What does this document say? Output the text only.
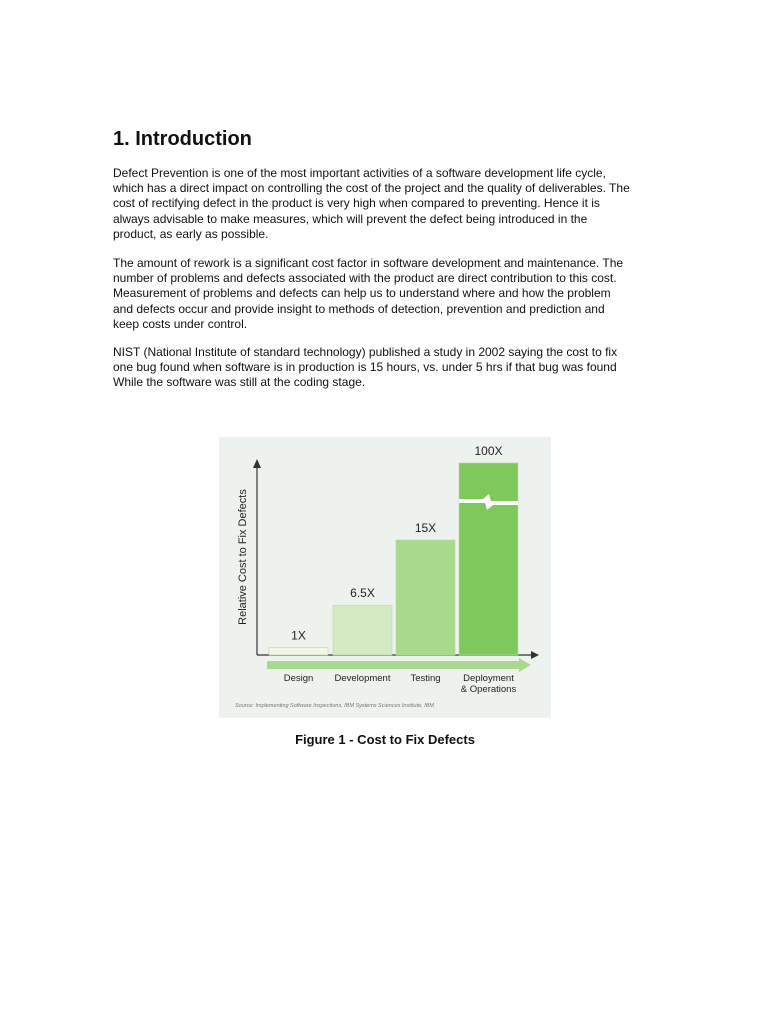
1. Introduction

Defect Prevention is one of the most important activities of a software development life cycle,
which has a direct impact on controlling the cost of the project and the quality of deliverables. The
cost of rectifying defect in the product is very high when compared to preventing. Hence it is
always advisable to make measures, which will prevent the defect being introduced in the
product, as early as possible.

The amount of rework is a significant cost factor in software development and maintenance. The
number of problems and defects associated with the product are direct contribution to this cost.
Measurement of problems and defects can help us to understand where and how the problem
and defects occur and provide insight to methods of detection, prevention and prediction and
keep costs under control.

NIST (National Institute of standard technology) published a study in 2002 saying the cost to fix
one bug found when software is in production is 15 hours, vs. under 5 hrs if that bug was found
While the software was still at the coding stage.

Relative Cost to Fix Defects
1X
Design
6.5X
Development
15X
Testing
100X
Deployment
& Operations
Source: Implementing Software Inspections, IBM Systems Sciences Institute, IBM
Figure 1 - Cost to Fix Defects
